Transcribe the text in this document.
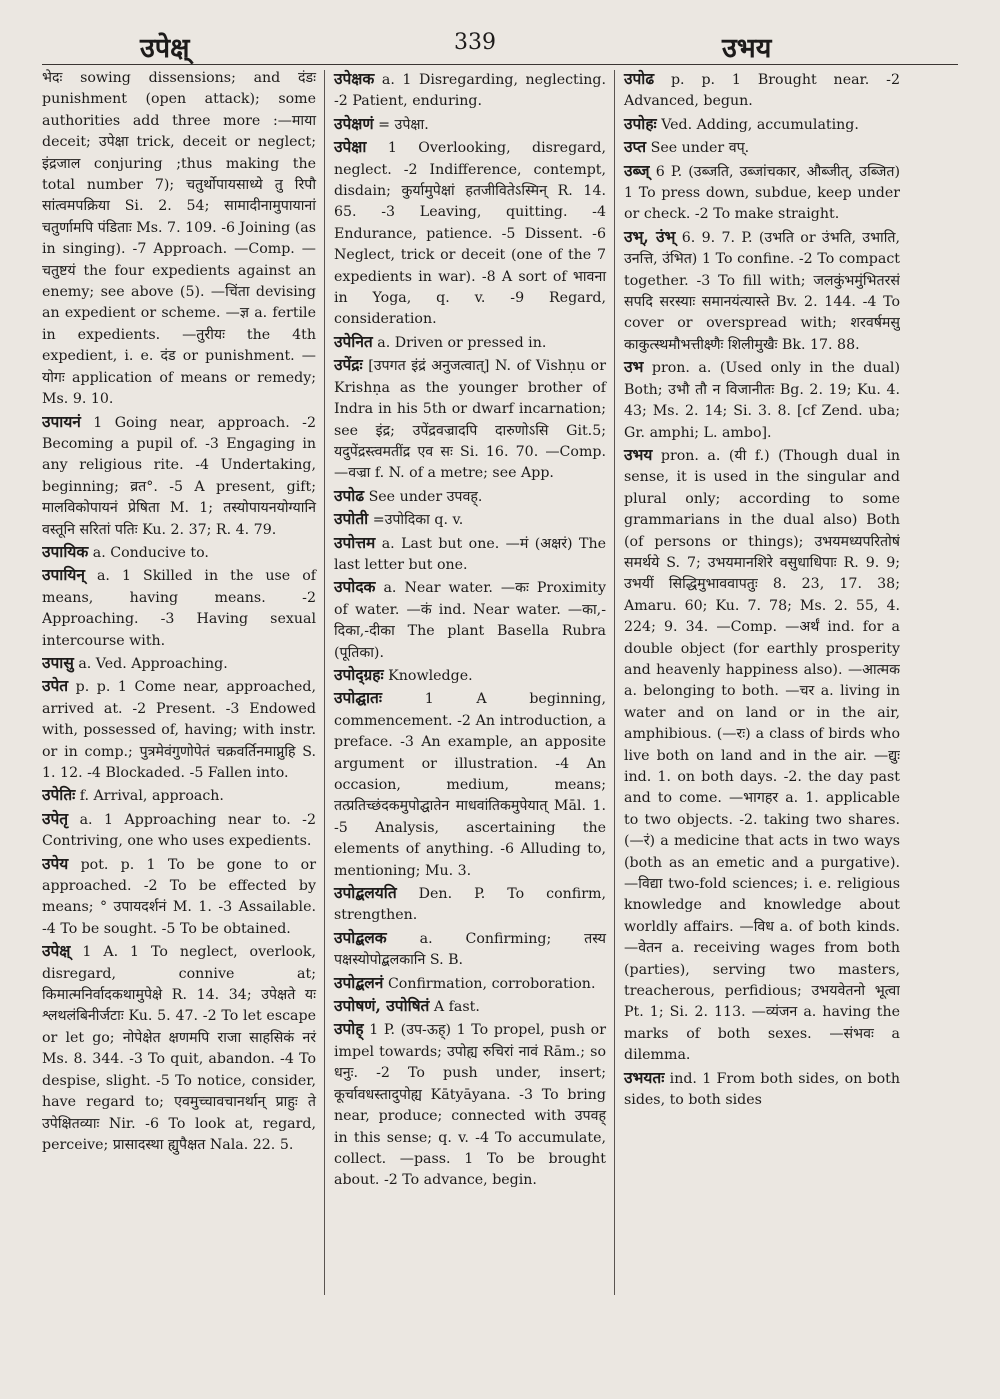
उपेक्ष्	339	उभय

भेदः sowing dissensions; and दंडः punishment (open attack); some authorities add three more :—माया deceit; उपेक्षा trick, deceit or neglect; इंद्रजाल conjuring ;thus making the total number 7); चतुर्थोपायसाध्ये तु रिपौ सांत्वमपक्रिया Si. 2. 54; सामादीनामुपायानां चतुर्णामपि पंडिताः Ms. 7. 109. -6 Joining (as in singing). -7 Approach. —Comp. —चतुष्टयं the four expedients against an enemy; see above (5). —चिंता devising an expedient or scheme. —ज्ञ a. fertile in expedients. —तुरीयः the 4th expedient, i. e. दंड or punishment. —योगः application of means or remedy; Ms. 9. 10.

उपायनं 1 Going near, approach. -2 Becoming a pupil of. -3 Engaging in any religious rite. -4 Undertaking, beginning; व्रत°. -5 A present, gift; मालविकोपायनं प्रेषिता M. 1; तस्योपायनयोग्यानि वस्तूनि सरितां पतिः Ku. 2. 37; R. 4. 79.

उपायिक a. Conducive to.

उपायिन् a. 1 Skilled in the use of means, having means. -2 Approaching. -3 Having sexual intercourse with.

उपासु a. Ved. Approaching.

उपेत p. p. 1 Come near, approached, arrived at. -2 Present. -3 Endowed with, possessed of, having; with instr. or in comp.; पुत्रमेवंगुणोपेतं चक्रवर्तिनमाप्नुहि S. 1. 12. -4 Blockaded. -5 Fallen into.

उपेतिः f. Arrival, approach.

उपेतृ a. 1 Approaching near to. -2 Contriving, one who uses expedients.

उपेय pot. p. 1 To be gone to or approached. -2 To be effected by means; ° उपायदर्शनं M. 1. -3 Assailable. -4 To be sought. -5 To be obtained.

उपेक्ष् 1 A. 1 To neglect, overlook, disregard, connive at; किमात्मनिर्वादकथामुपेक्षे R. 14. 34; उपेक्षते यः श्लथलंबिनीर्जटाः Ku. 5. 47. -2 To let escape or let go; नोपेक्षेत क्षणमपि राजा साहसिकं नरं Ms. 8. 344. -3 To quit, abandon. -4 To despise, slight. -5 To notice, consider, have regard to; एवमुच्चावचानर्थान् प्राहुः ते उपेक्षितव्याः Nir. -6 To look at, regard, perceive; प्रासादस्था ह्युपैक्षत Nala. 22. 5.

उपेक्षक a. 1 Disregarding, neglecting. -2 Patient, enduring.

उपेक्षणं = उपेक्षा.

उपेक्षा 1 Overlooking, disregard, neglect. -2 Indifference, contempt, disdain; कुर्यामुपेक्षां हतजीवितेऽस्मिन् R. 14. 65. -3 Leaving, quitting. -4 Endurance, patience. -5 Dissent. -6 Neglect, trick or deceit (one of the 7 expedients in war). -8 A sort of भावना in Yoga, q. v. -9 Regard, consideration.

उपेनित a. Driven or pressed in.

उपेंद्रः [उपगत इंद्रं अनुजत्वात्] N. of Vishṇu or Krishṇa as the younger brother of Indra in his 5th or dwarf incarnation; see इंद्र; उपेंद्रवज्रादपि दारुणोऽसि Git.5; यदुपेंद्रस्त्वमतींद्र एव सः Si. 16. 70. —Comp. —वज्रा f. N. of a metre; see App.

उपोढ See under उपवह्.

उपोती =उपोदिका q. v.

उपोत्तम a. Last but one. —मं (अक्षरं) The last letter but one.

उपोदक a. Near water. —कः Proximity of water. —कं ind. Near water. —का,-दिका,-दीका The plant Basella Rubra (पूतिका).

उपोद्ग्रहः Knowledge.

उपोद्घातः	1 A beginning, commencement. -2 An introduction, a preface. -3 An example, an apposite argument or illustration. -4 An occasion, medium, means; तत्प्रतिच्छंदकमुपोद्घातेन माधवांतिकमुपेयात् Māl. 1. -5 Analysis, ascertaining the elements of anything. -6 Alluding to, mentioning; Mu. 3.

उपोद्बलयति Den. P. To confirm, strengthen.

उपोद्बलक a. Confirming; तस्य पक्षस्योपोद्बलकानि S. B.

उपोद्बलनं Confirmation, corroboration.

उपोषणं, उपोषितं A fast.

उपोह् 1 P. (उप-ऊह्) 1 To propel, push or impel towards; उपोह्य रुचिरां नावं Rām.; so धनुः. -2 To push under, insert; कूर्चावधस्तादुपोह्य Kātyāyana. -3 To bring near, produce; connected with उपवह् in this sense; q. v. -4 To accumulate, collect. —pass. 1 To be brought about. -2 To advance, begin.

उपोढ p. p. 1 Brought near. -2 Advanced, begun.

उपोहः Ved. Adding, accumulating.

उप्त See under वप्.

उब्ज् 6 P. (उब्जति, उब्जांचकार, औब्जीत्, उब्जित) 1 To press down, subdue, keep under or check. -2 To make straight.

उभ्, उंभ् 6. 9. 7. P. (उभति or उंभति, उभाति, उनत्ति, उंभित) 1 To confine. -2 To compact together. -3 To fill with; जलकुंभमुंभितरसं सपदि सरस्याः समानयंत्यास्ते Bv. 2. 144. -4 To cover or overspread with; शरवर्षमसु काकुत्स्थमौभत्तीक्ष्णैः शिलीमुखैः Bk. 17. 88.

उभ pron. a. (Used only in the dual) Both; उभौ तौ न विजानीतः Bg. 2. 19; Ku. 4. 43; Ms. 2. 14; Si. 3. 8. [cf Zend. uba; Gr. amphi; L. ambo].

उभय pron. a. (यी f.) (Though dual in sense, it is used in the singular and plural only; according to some grammarians in the dual also) Both (of persons or things); उभयमध्यपरितोषं समर्थये S. 7; उभयमानशिरे वसुधाधिपाः R. 9. 9; उभयीं सिद्धिमुभाववापतुः 8. 23, 17. 38; Amaru. 60; Ku. 7. 78; Ms. 2. 55, 4. 224; 9. 34. —Comp. —अर्थं ind. for a double object (for earthly prosperity and heavenly happiness also). —आत्मक a. belonging to both. —चर a. living in water and on land or in the air, amphibious. (—रः) a class of birds who live both on land and in the air. —द्युः ind. 1. on both days. -2. the day past and to come. —भागहर a. 1. applicable to two objects. -2. taking two shares. (—रं) a medicine that acts in two ways (both as an emetic and a purgative). —विद्या two-fold sciences; i. e. religious knowledge and knowledge about worldly affairs. —विध a. of both kinds. —वेतन a. receiving wages from both (parties), serving two masters, treacherous, perfidious; उभयवेतनो भूत्वा Pt. 1; Si. 2. 113. —व्यंजन a. having the marks of both sexes. —संभवः a dilemma.

उभयतः ind. 1 From both sides, on both sides, to both sides
